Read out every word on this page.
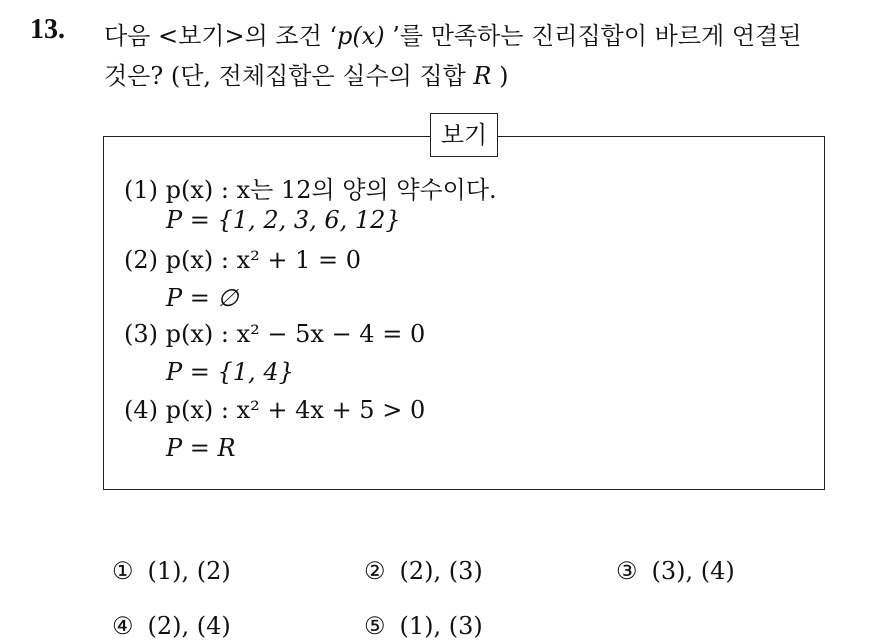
13. 다음 <보기>의 조건 ‘p(x) ’를 만족하는 진리집합이 바르게 연결된
것은? (단, 전체집합은 실수의 집합 R )
보기
(1) p(x) : x는 12의 양의 약수이다.
P = {1, 2, 3, 6, 12}
(2) p(x) : x² + 1 = 0
P = ∅
(3) p(x) : x² − 5x − 4 = 0
P = {1, 4}
(4) p(x) : x² + 4x + 5 > 0
P = R
① (1), (2)	② (2), (3)	③ (3), (4)
④ (2), (4)	⑤ (1), (3)
